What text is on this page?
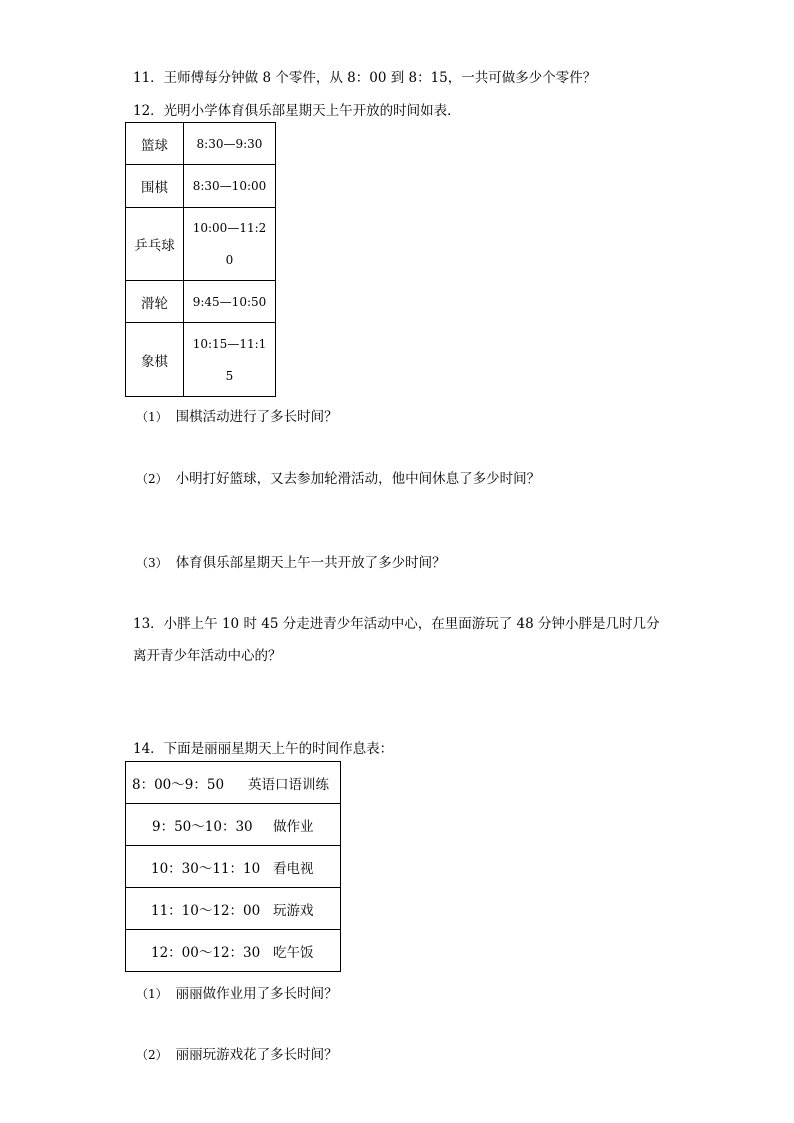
11．王师傅每分钟做 8 个零件，从 8：00 到 8：15，一共可做多少个零件？
12．光明小学体育俱乐部星期天上午开放的时间如表．
篮球	8:30—9:30
围棋	8:30—10:00
乒乓球	10:00—11:20

滑轮	9:45—10:50
象棋	10:15—11:15
（1） 围棋活动进行了多长时间？
（2） 小明打好篮球，又去参加轮滑活动，他中间休息了多少时间？
（3） 体育俱乐部星期天上午一共开放了多少时间？
13．小胖上午 10 时 45 分走进青少年活动中心，在里面游玩了 48 分钟小胖是几时几分
离开青少年活动中心的？
14．下面是丽丽星期天上午的时间作息表：
8：00～9：50 英语口语训练
9：50～10：30 做作业
10：30～11：10 看电视
11：10～12：00 玩游戏
12：00～12：30 吃午饭
（1） 丽丽做作业用了多长时间？
（2） 丽丽玩游戏花了多长时间？
